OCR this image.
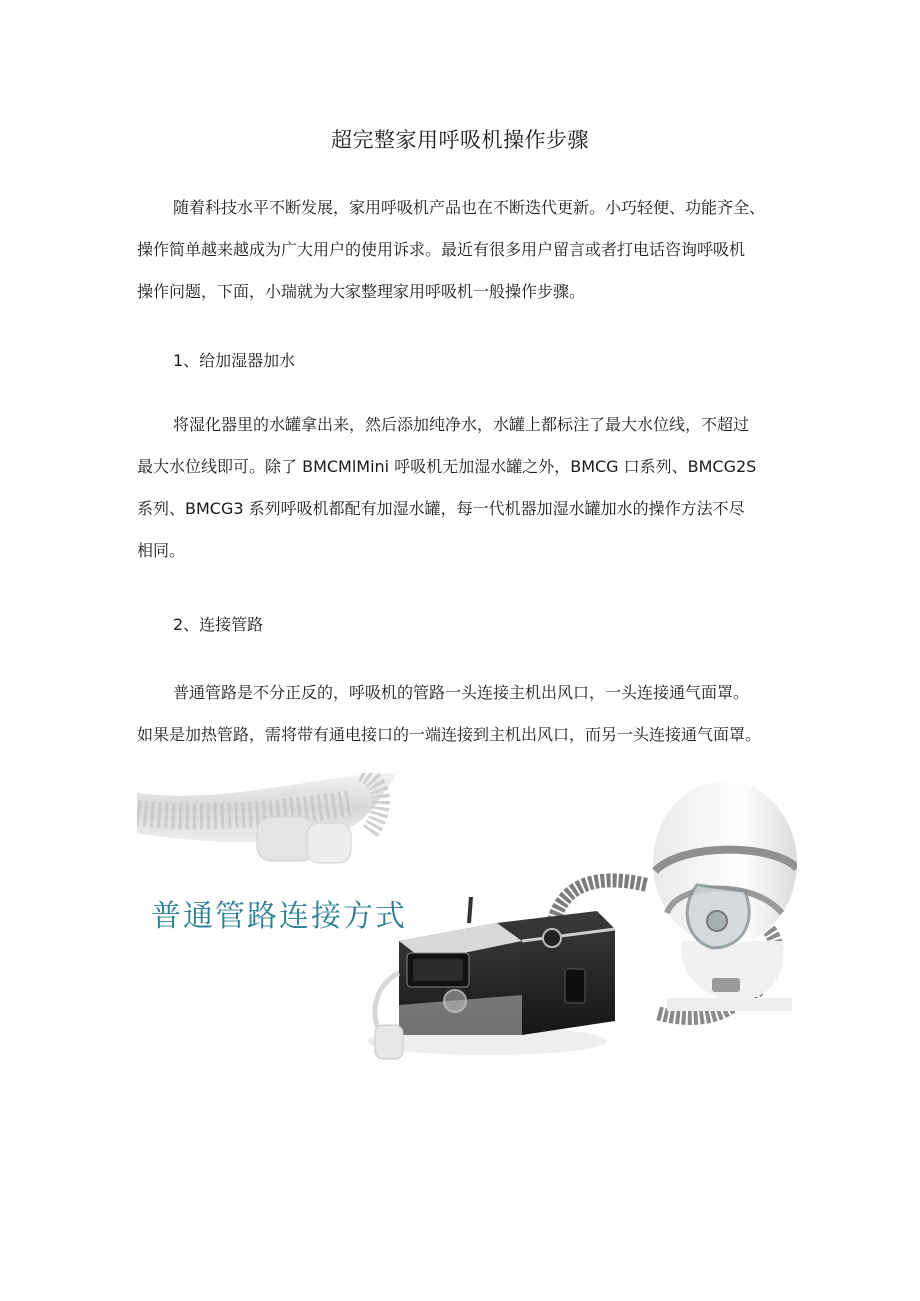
超完整家用呼吸机操作步骤

随着科技水平不断发展，家用呼吸机产品也在不断迭代更新。小巧轻便、功能齐全、
操作简单越来越成为广大用户的使用诉求。最近有很多用户留言或者打电话咨询呼吸机
操作问题，下面，小瑞就为大家整理家用呼吸机一般操作步骤。

1、给加湿器加水

将湿化器里的水罐拿出来，然后添加纯净水，水罐上都标注了最大水位线，不超过
最大水位线即可。除了 BMCMlMini 呼吸机无加湿水罐之外，BMCG 口系列、BMCG2S
系列、BMCG3 系列呼吸机都配有加湿水罐，每一代机器加湿水罐加水的操作方法不尽
相同。

2、连接管路

普通管路是不分正反的，呼吸机的管路一头连接主机出风口，一头连接通气面罩。
如果是加热管路，需将带有通电接口的一端连接到主机出风口，而另一头连接通气面罩。

普通管路连接方式
